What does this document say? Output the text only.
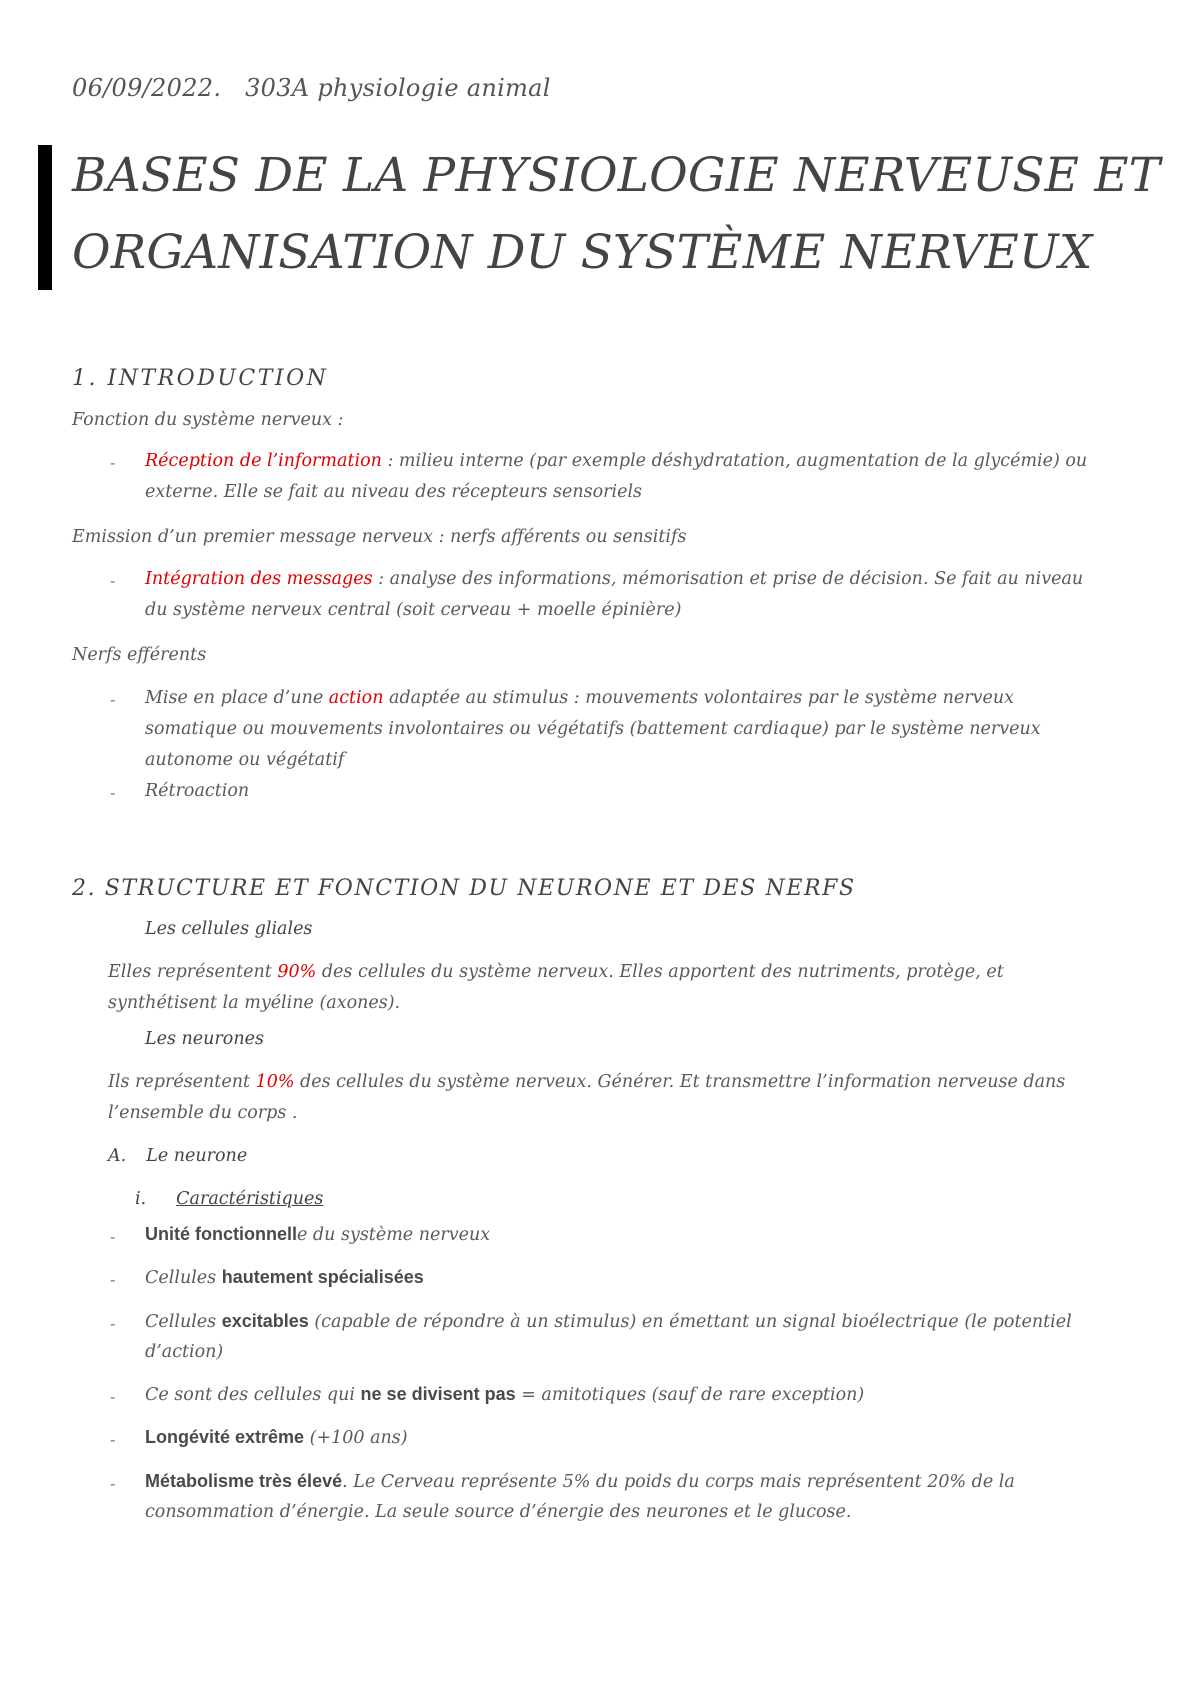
06/09/2022. 303A physiologie animal
BASES DE LA PHYSIOLOGIE NERVEUSE ET
ORGANISATION DU SYSTÈME NERVEUX
1. INTRODUCTION
Fonction du système nerveux :
- Réception de l’information : milieu interne (par exemple déshydratation, augmentation de la glycémie) ou
externe. Elle se fait au niveau des récepteurs sensoriels
Emission d’un premier message nerveux : nerfs afférents ou sensitifs
- Intégration des messages : analyse des informations, mémorisation et prise de décision. Se fait au niveau
du système nerveux central (soit cerveau + moelle épinière)
Nerfs efférents
- Mise en place d’une action adaptée au stimulus : mouvements volontaires par le système nerveux
somatique ou mouvements involontaires ou végétatifs (battement cardiaque) par le système nerveux
autonome ou végétatif
- Rétroaction
2. STRUCTURE ET FONCTION DU NEURONE ET DES NERFS
Les cellules gliales
Elles représentent 90% des cellules du système nerveux. Elles apportent des nutriments, protège, et
synthétisent la myéline (axones).
Les neurones
Ils représentent 10% des cellules du système nerveux. Générer. Et transmettre l’information nerveuse dans
l’ensemble du corps .
A. Le neurone
i. Caractéristiques
- Unité fonctionnelle du système nerveux
- Cellules hautement spécialisées
- Cellules excitables (capable de répondre à un stimulus) en émettant un signal bioélectrique (le potentiel
d’action)
- Ce sont des cellules qui ne se divisent pas = amitotiques (sauf de rare exception)
- Longévité extrême (+100 ans)
- Métabolisme très élevé. Le Cerveau représente 5% du poids du corps mais représentent 20% de la
consommation d’énergie. La seule source d’énergie des neurones et le glucose.
